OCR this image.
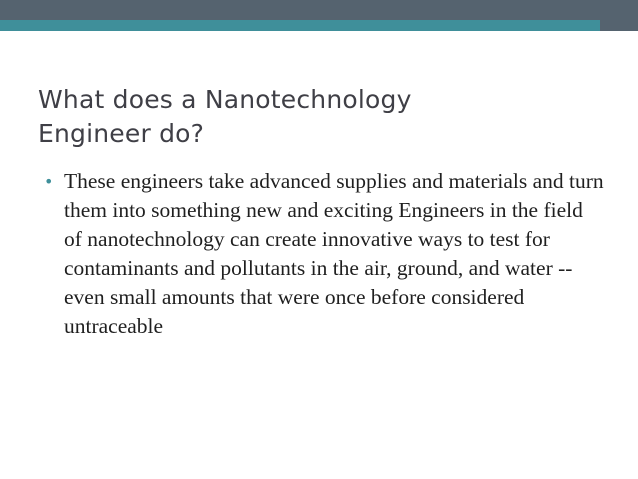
What does a Nanotechnology
Engineer do?
• These engineers take advanced supplies and materials and turn them into something new and exciting Engineers in the field of nanotechnology can create innovative ways to test for contaminants and pollutants in the air, ground, and water -- even small amounts that were once before considered untraceable
